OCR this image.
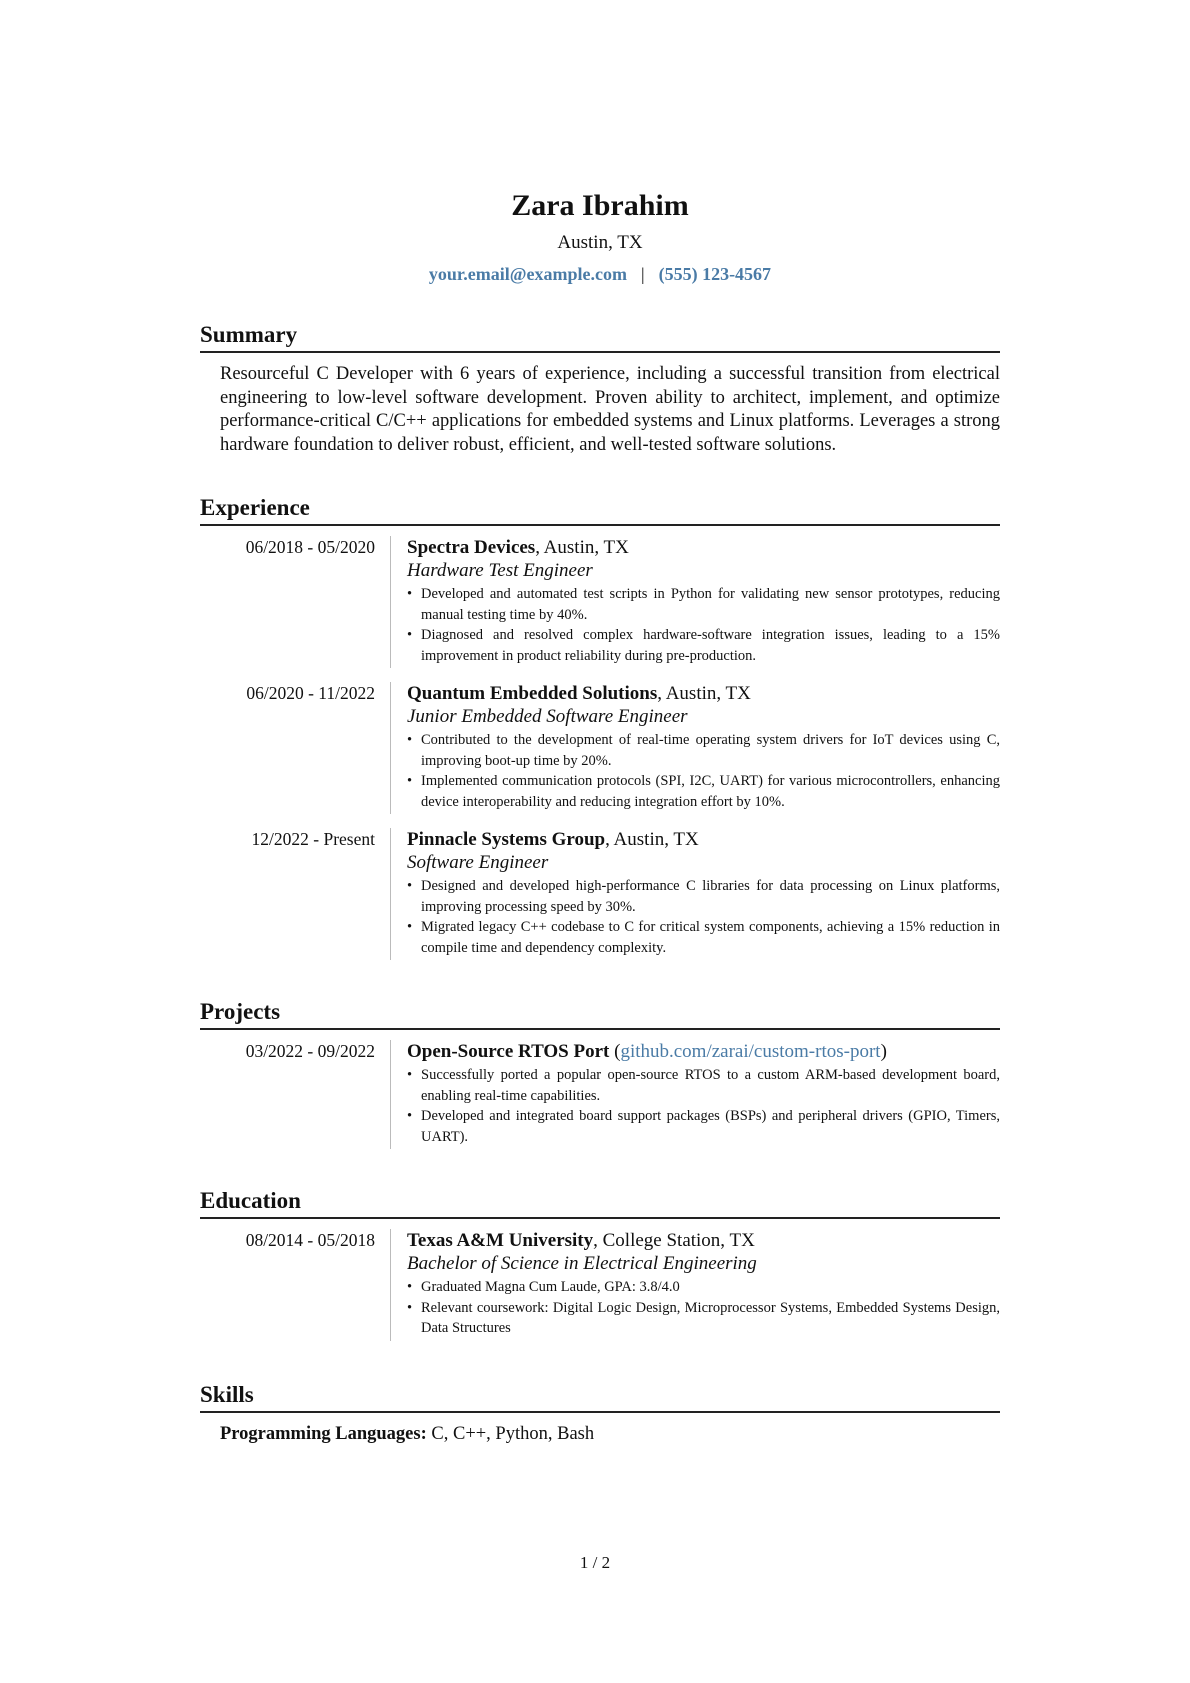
Zara Ibrahim
Austin, TX
your.email@example.com | (555) 123-4567
Summary

Resourceful C Developer with 6 years of experience, including a successful transition from electrical engineering to low-level software development. Proven ability to architect, implement, and optimize performance-critical C/C++ applications for embedded systems and Linux platforms. Leverages a strong hardware foundation to deliver robust, efficient, and well-tested software solutions.

Experience
06/2018 - 05/2020	Spectra Devices, Austin, TX
Hardware Test Engineer
• Developed and automated test scripts in Python for validating new sensor prototypes, reducing manual testing time by 40%.
• Diagnosed and resolved complex hardware-software integration issues, leading to a 15% improvement in product reliability during pre-production.
06/2020 - 11/2022	Quantum Embedded Solutions, Austin, TX
Junior Embedded Software Engineer
• Contributed to the development of real-time operating system drivers for IoT devices using C, improving boot-up time by 20%.
• Implemented communication protocols (SPI, I2C, UART) for various microcontrollers, enhancing device interoperability and reducing integration effort by 10%.
12/2022 - Present	Pinnacle Systems Group, Austin, TX
Software Engineer
• Designed and developed high-performance C libraries for data processing on Linux platforms, improving processing speed by 30%.
• Migrated legacy C++ codebase to C for critical system components, achieving a 15% reduction in compile time and dependency complexity.
Projects
03/2022 - 09/2022	Open-Source RTOS Port (github.com/zarai/custom-rtos-port)
• Successfully ported a popular open-source RTOS to a custom ARM-based development board, enabling real-time capabilities.
• Developed and integrated board support packages (BSPs) and peripheral drivers (GPIO, Timers, UART).
Education
08/2014 - 05/2018	Texas A&M University, College Station, TX
Bachelor of Science in Electrical Engineering
• Graduated Magna Cum Laude, GPA: 3.8/4.0
• Relevant coursework: Digital Logic Design, Microprocessor Systems, Embedded Systems Design, Data Structures
Skills
Programming Languages: C, C++, Python, Bash
1 / 2
